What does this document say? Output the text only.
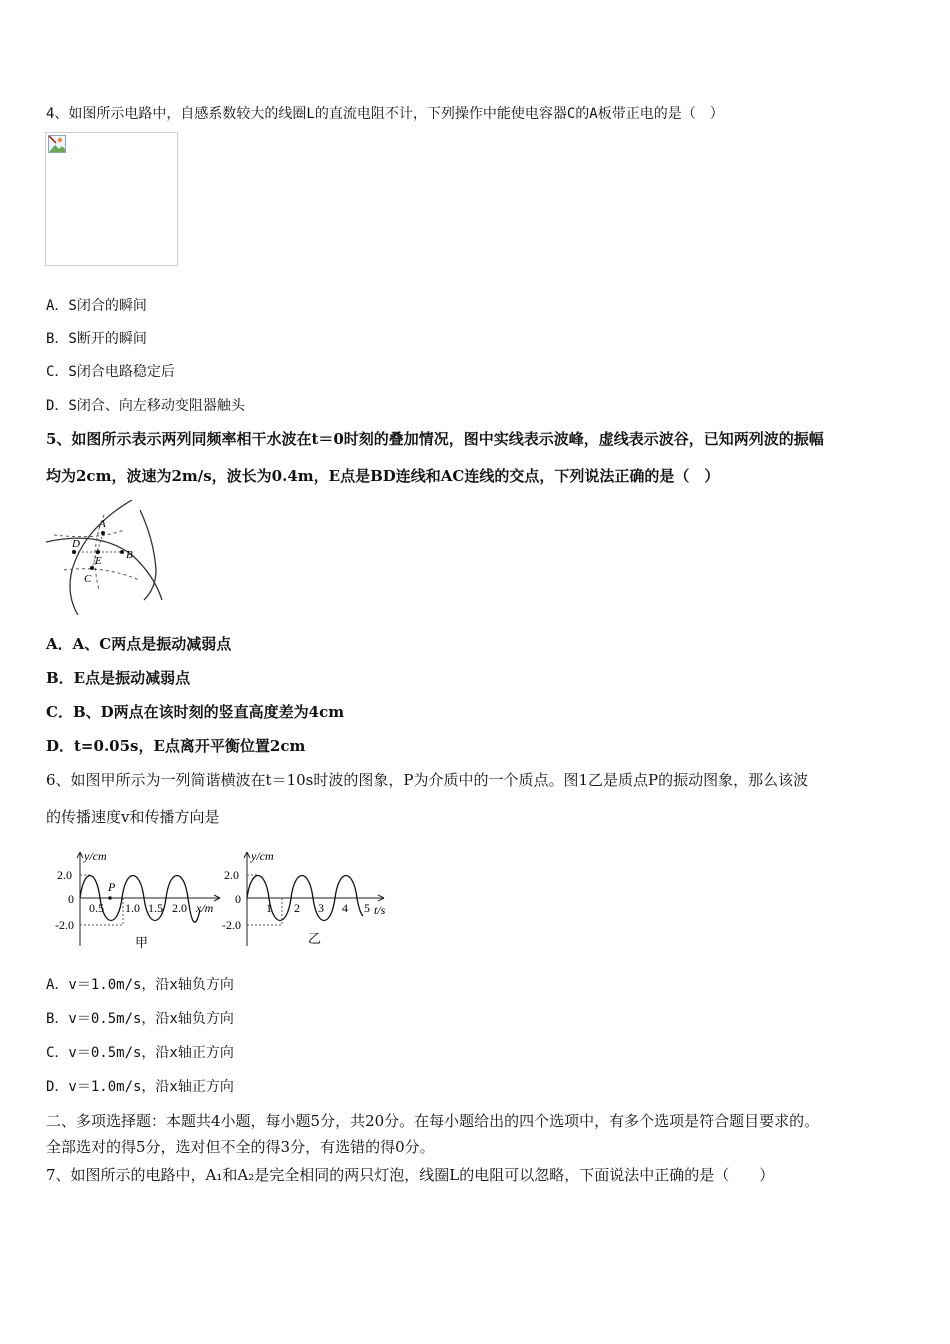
4、如图所示电路中，自感系数较大的线圈L的直流电阻不计，下列操作中能使电容器C的A板带正电的是（　）
A．S闭合的瞬间
B．S断开的瞬间
C．S闭合电路稳定后
D．S闭合、向左移动变阻器触头
5、如图所示表示两列同频率相干水波在t＝0时刻的叠加情况，图中实线表示波峰，虚线表示波谷，已知两列波的振幅
均为2cm，波速为2m/s，波长为0.4m，E点是BD连线和AC连线的交点，下列说法正确的是（　）
A
B
C
D
E
A．A、C两点是振动减弱点
B．E点是振动减弱点
C．B、D两点在该时刻的竖直高度差为4cm
D．t=0.05s，E点离开平衡位置2cm
6、如图甲所示为一列简谐横波在t＝10s时波的图象，P为介质中的一个质点。图1乙是质点P的振动图象，那么该波
的传播速度v和传播方向是
y/cm
2.0
0
-2.0
P
0.5 1.0 1.5 2.0 x/m
甲
y/cm
2.0
0
-2.0
1 2 3 4 5 t/s
乙
A．v＝1.0m/s，沿x轴负方向
B．v＝0.5m/s，沿x轴负方向
C．v＝0.5m/s，沿x轴正方向
D．v＝1.0m/s，沿x轴正方向
二、多项选择题：本题共4小题，每小题5分，共20分。在每小题给出的四个选项中，有多个选项是符合题目要求的。
全部选对的得5分，选对但不全的得3分，有选错的得0分。
7、如图所示的电路中，A₁和A₂是完全相同的两只灯泡，线圈L的电阻可以忽略，下面说法中正确的是（　　）
